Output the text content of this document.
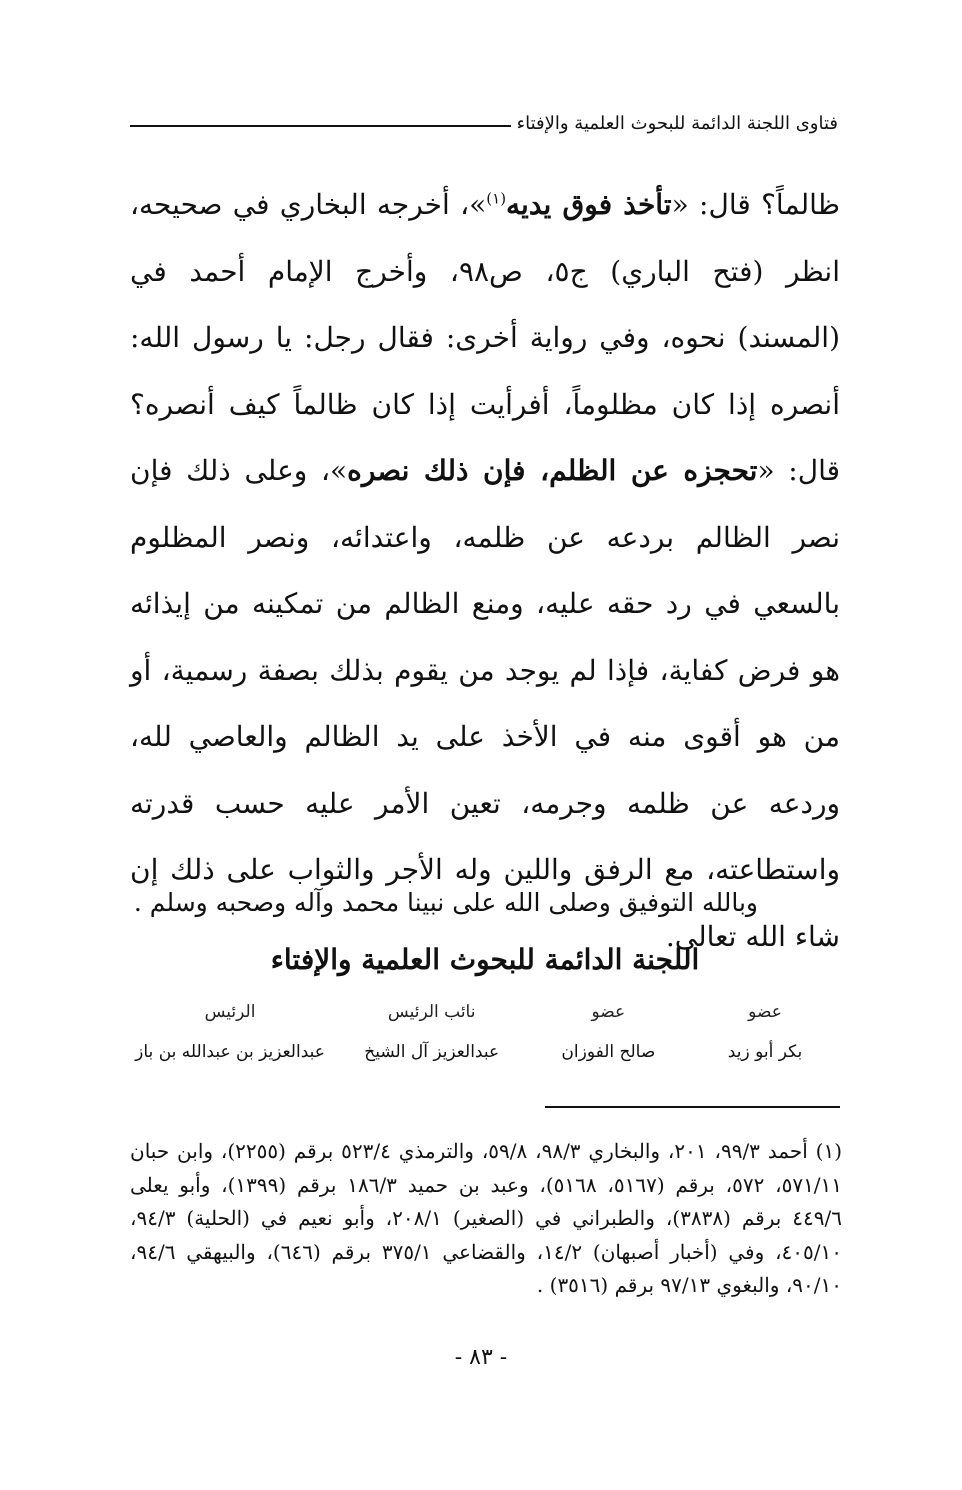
فتاوى اللجنة الدائمة للبحوث العلمية والإفتاء

ظالماً؟ قال: «تأخذ فوق يديه$^{(١)}$»، أخرجه البخاري في صحيحه، انظر (فتح الباري) ج٥، ص٩٨، وأخرج الإمام أحمد في (المسند) نحوه، وفي رواية أخرى: فقال رجل: يا رسول الله: أنصره إذا كان مظلوماً، أفرأيت إذا كان ظالماً كيف أنصره؟ قال: «تحجزه عن الظلم، فإن ذلك نصره»، وعلى ذلك فإن نصر الظالم بردعه عن ظلمه، واعتدائه، ونصر المظلوم بالسعي في رد حقه عليه، ومنع الظالم من تمكينه من إيذائه هو فرض كفاية، فإذا لم يوجد من يقوم بذلك بصفة رسمية، أو من هو أقوى منه في الأخذ على يد الظالم والعاصي لله، وردعه عن ظلمه وجرمه، تعين الأمر عليه حسب قدرته واستطاعته، مع الرفق واللين وله الأجر والثواب على ذلك إن شاء الله تعالى.

وبالله التوفيق وصلى الله على نبينا محمد وآله وصحبه وسلم .
اللجنة الدائمة للبحوث العلمية والإفتاء
عضو
بكر أبو زيد
عضو
صالح الفوزان
نائب الرئيس
عبدالعزيز آل الشيخ
الرئيس
عبدالعزيز بن عبدالله بن باز

(١) أحمد ٩٩/٣، ٢٠١، والبخاري ٩٨/٣، ٥٩/٨، والترمذي ٥٢٣/٤ برقم (٢٢٥٥)، وابن حبان ٥٧١/١١، ٥٧٢، برقم (٥١٦٧، ٥١٦٨)، وعبد بن حميد ١٨٦/٣ برقم (١٣٩٩)، وأبو يعلى ٤٤٩/٦ برقم (٣٨٣٨)، والطبراني في (الصغير) ٢٠٨/١، وأبو نعيم في (الحلية) ٩٤/٣، ٤٠٥/١٠، وفي (أخبار أصبهان) ١٤/٢، والقضاعي ٣٧٥/١ برقم (٦٤٦)، والبيهقي ٩٤/٦، ٩٠/١٠، والبغوي ٩٧/١٣ برقم (٣٥١٦) .

- ٨٣ -
